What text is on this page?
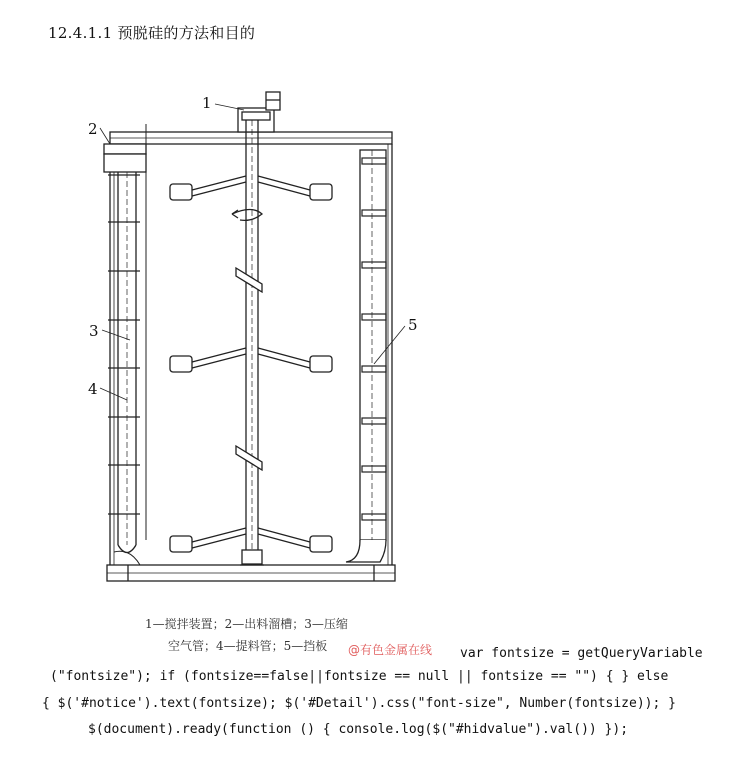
12.4.1.1 预脱硅的方法和目的
1
2
3
4
5
1—搅拌装置；2—出料溜槽；3—压缩
空气管；4—提料管；5—挡板 @有色金属在线 var fontsize = getQueryVariable
("fontsize"); if (fontsize==false||fontsize == null || fontsize == "") { } else
{ $('#notice').text(fontsize); $('#Detail').css("font-size", Number(fontsize)); }
$(document).ready(function () { console.log($("#hidvalue").val()) });
